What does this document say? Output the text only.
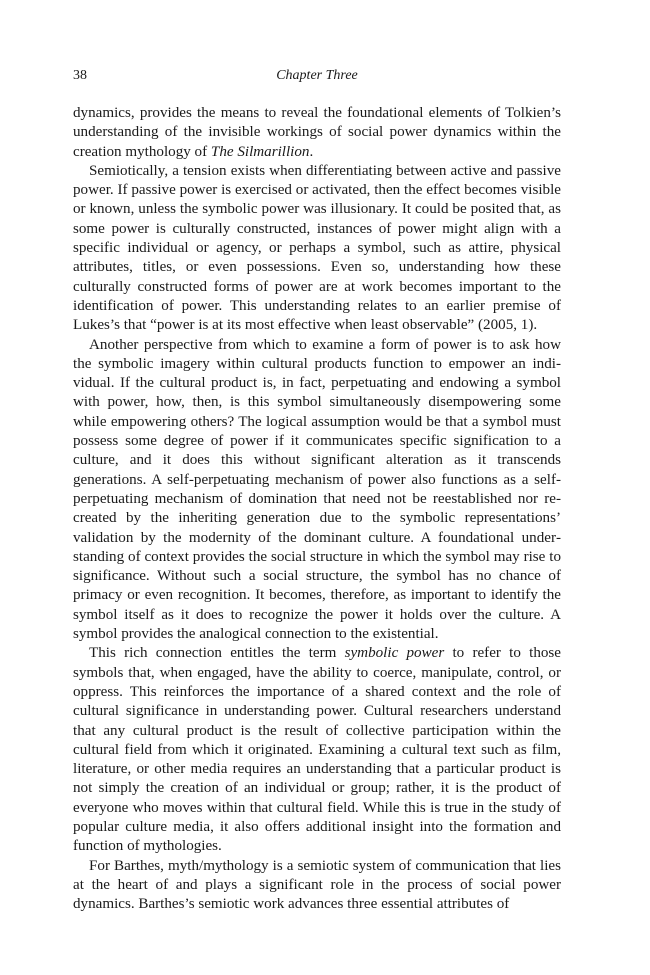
38	Chapter Three

dynamics, provides the means to reveal the foundational elements of Tolkien’s understanding of the invisible workings of social power dynamics within the creation mythology of The Silmarillion.

Semiotically, a tension exists when differentiating between active and passive power. If passive power is exercised or activated, then the effect becomes visible or known, unless the symbolic power was illusionary. It could be posited that, as some power is culturally constructed, instances of power might align with a specific individual or agency, or perhaps a symbol, such as attire, physical attributes, titles, or even possessions. Even so, understanding how these culturally constructed forms of power are at work becomes important to the identification of power. This understanding relates to an earlier premise of Lukes’s that “power is at its most effective when least observable” (2005, 1).

Another perspective from which to examine a form of power is to ask how the symbolic imagery within cultural products function to empower an individual. If the cultural product is, in fact, perpetuating and endowing a symbol with power, how, then, is this symbol simultaneously disempowering some while empowering others? The logical assumption would be that a symbol must possess some degree of power if it communicates specific signification to a culture, and it does this without significant alteration as it transcends generations. A self-perpetuating mechanism of power also functions as a self-perpetuating mechanism of domination that need not be reestablished nor re-created by the inheriting generation due to the symbolic representations’ validation by the modernity of the dominant culture. A foundational understanding of context provides the social structure in which the symbol may rise to significance. Without such a social structure, the symbol has no chance of primacy or even recognition. It becomes, therefore, as important to identify the symbol itself as it does to recognize the power it holds over the culture. A symbol provides the analogical connection to the existential.

This rich connection entitles the term symbolic power to refer to those symbols that, when engaged, have the ability to coerce, manipulate, control, or oppress. This reinforces the importance of a shared context and the role of cultural significance in understanding power. Cultural researchers understand that any cultural product is the result of collective participation within the cultural field from which it originated. Examining a cultural text such as film, literature, or other media requires an understanding that a particular product is not simply the creation of an individual or group; rather, it is the product of everyone who moves within that cultural field. While this is true in the study of popular culture media, it also offers additional insight into the formation and function of mythologies.

For Barthes, myth/mythology is a semiotic system of communication that lies at the heart of and plays a significant role in the process of social power dynamics. Barthes’s semiotic work advances three essential attributes of
